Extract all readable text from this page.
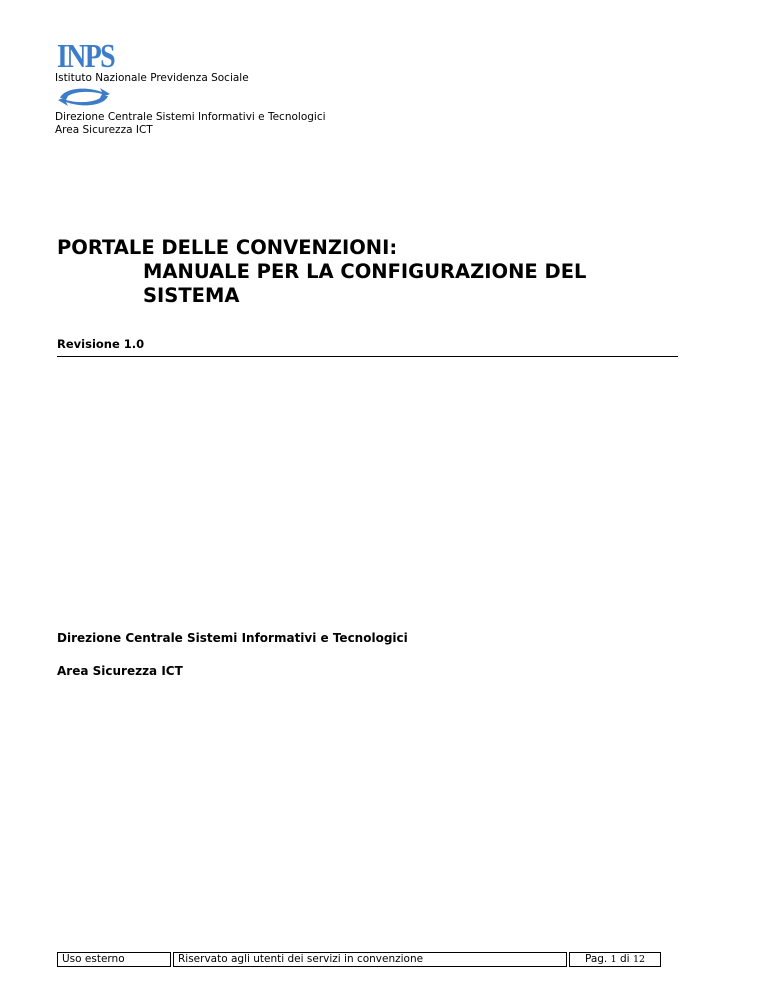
INPS
Istituto Nazionale Previdenza Sociale
Direzione Centrale Sistemi Informativi e Tecnologici
Area Sicurezza ICT
PORTALE DELLE CONVENZIONI:
MANUALE PER LA CONFIGURAZIONE DEL
SISTEMA
Revisione 1.0
Direzione Centrale Sistemi Informativi e Tecnologici
Area Sicurezza ICT
Uso esterno	Riservato agli utenti dei servizi in convenzione	Pag. 1 di 12
